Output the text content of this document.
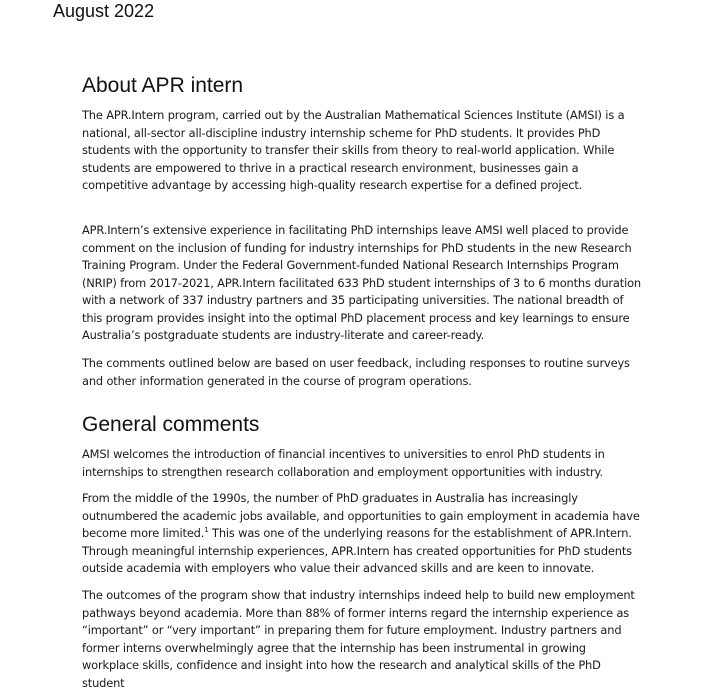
August 2022
About APR intern

The APR.Intern program, carried out by the Australian Mathematical Sciences Institute (AMSI) is a national, all-sector all-discipline industry internship scheme for PhD students. It provides PhD students with the opportunity to transfer their skills from theory to real-world application. While students are empowered to thrive in a practical research environment, businesses gain a competitive advantage by accessing high-quality research expertise for a defined project.

APR.Intern’s extensive experience in facilitating PhD internships leave AMSI well placed to provide comment on the inclusion of funding for industry internships for PhD students in the new Research Training Program. Under the Federal Government-funded National Research Internships Program (NRIP) from 2017-2021, APR.Intern facilitated 633 PhD student internships of 3 to 6 months duration with a network of 337 industry partners and 35 participating universities. The national breadth of this program provides insight into the optimal PhD placement process and key learnings to ensure Australia’s postgraduate students are industry-literate and career-ready.

The comments outlined below are based on user feedback, including responses to routine surveys and other information generated in the course of program operations.

General comments

AMSI welcomes the introduction of financial incentives to universities to enrol PhD students in internships to strengthen research collaboration and employment opportunities with industry.

From the middle of the 1990s, the number of PhD graduates in Australia has increasingly outnumbered the academic jobs available, and opportunities to gain employment in academia have become more limited.$^1$ This was one of the underlying reasons for the establishment of APR.Intern. Through meaningful internship experiences, APR.Intern has created opportunities for PhD students outside academia with employers who value their advanced skills and are keen to innovate.

The outcomes of the program show that industry internships indeed help to build new employment pathways beyond academia. More than 88% of former interns regard the internship experience as “important” or “very important” in preparing them for future employment. Industry partners and former interns overwhelmingly agree that the internship has been instrumental in growing workplace skills, confidence and insight into how the research and analytical skills of the PhD student
